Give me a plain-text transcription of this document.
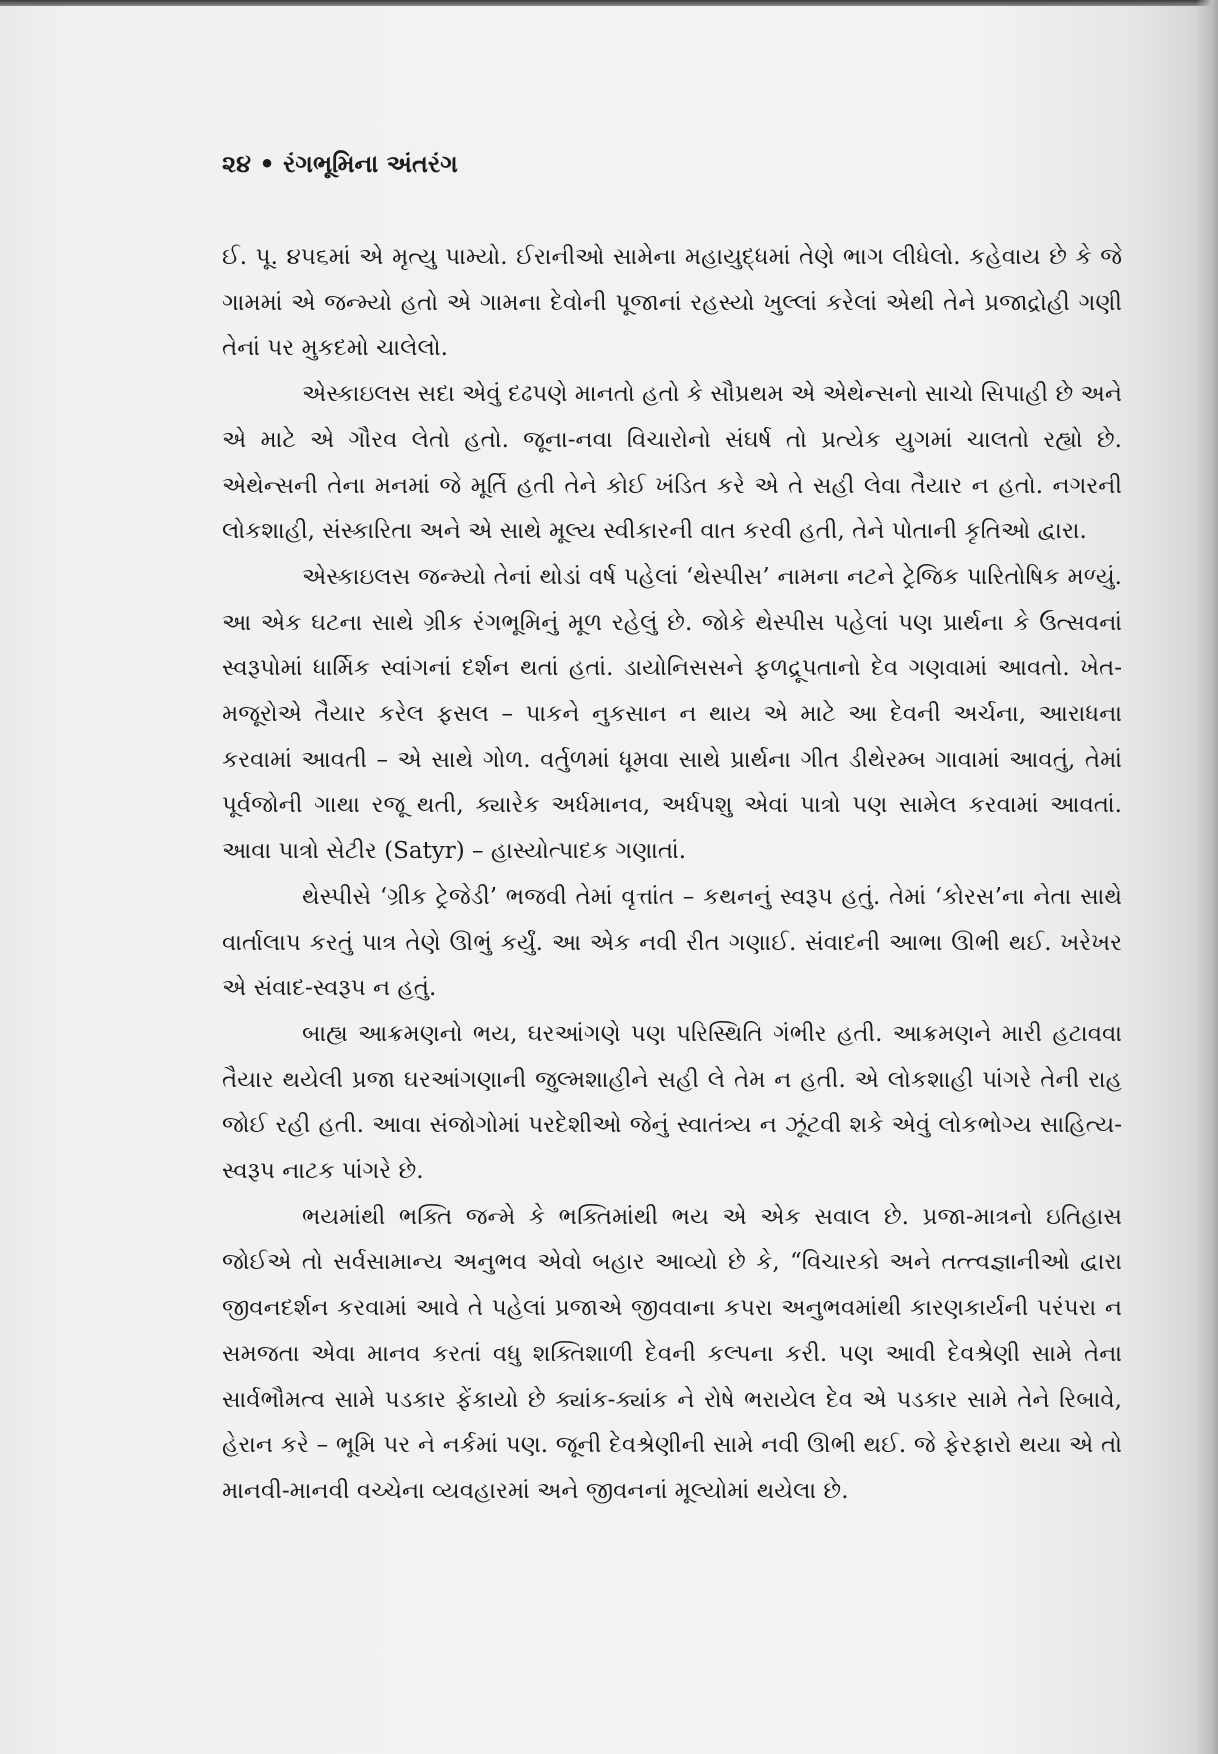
૨૪ • રંગભૂમિના અંતરંગ

ઈ. પૂ. ૪૫૬માં એ મૃત્યુ પામ્યો. ઈરાનીઓ સામેના મહાયુદ્ધમાં તેણે ભાગ લીધેલો. કહેવાય છે કે જે ગામમાં એ જન્મ્યો હતો એ ગામના દેવોની પૂજાનાં રહસ્યો ખુલ્લાં કરેલાં એથી તેને પ્રજાદ્રોહી ગણી તેનાં પર મુકદમો ચાલેલો.

એસ્કાઇલસ સદા એવું દઢપણે માનતો હતો કે સૌપ્રથમ એ એથેન્સનો સાચો સિપાહી છે અને એ માટે એ ગૌરવ લેતો હતો. જૂના-નવા વિચારોનો સંઘર્ષ તો પ્રત્યેક યુગમાં ચાલતો રહ્યો છે. એથેન્સની તેના મનમાં જે મૂર્તિ હતી તેને કોઈ ખંડિત કરે એ તે સહી લેવા તૈયાર ન હતો. નગરની લોકશાહી, સંસ્કારિતા અને એ સાથે મૂલ્ય સ્વીકારની વાત કરવી હતી, તેને પોતાની કૃતિઓ દ્વારા.

એસ્કાઇલસ જન્મ્યો તેનાં થોડાં વર્ષ પહેલાં ‘થેસ્પીસ’ નામના નટને ટ્રેજિક પારિતોષિક મળ્યું. આ એક ઘટના સાથે ગ્રીક રંગભૂમિનું મૂળ રહેલું છે. જોકે થેસ્પીસ પહેલાં પણ પ્રાર્થના કે ઉત્સવનાં સ્વરૂપોમાં ધાર્મિક સ્વાંગનાં દર્શન થતાં હતાં. ડાયોનિસસને ફળદ્રૂપતાનો દેવ ગણવામાં આવતો. ખેત-મજૂરોએ તૈયાર કરેલ ફસલ – પાકને નુકસાન ન થાય એ માટે આ દેવની અર્ચના, આરાધના કરવામાં આવતી – એ સાથે ગોળ. વર્તુળમાં ધૂમવા સાથે પ્રાર્થના ગીત ડીથેરમ્બ ગાવામાં આવતું, તેમાં પૂર્વજોની ગાથા રજૂ થતી, ક્યારેક અર્ધમાનવ, અર્ધપશુ એવાં પાત્રો પણ સામેલ કરવામાં આવતાં. આવા પાત્રો સેટીર (Satyr) – હાસ્યોત્પાદક ગણાતાં.

થેસ્પીસે ‘ગ્રીક ટ્રેજેડી’ ભજવી તેમાં વૃત્તાંત – કથનનું સ્વરૂપ હતું. તેમાં ‘કોરસ’ના નેતા સાથે વાર્તાલાપ કરતું પાત્ર તેણે ઊભું કર્યું. આ એક નવી રીત ગણાઈ. સંવાદની આભા ઊભી થઈ. ખરેખર એ સંવાદ-સ્વરૂપ ન હતું.

બાહ્ય આક્રમણનો ભય, ઘરઆંગણે પણ પરિસ્થિતિ ગંભીર હતી. આક્રમણને મારી હટાવવા તૈયાર થયેલી પ્રજા ઘરઆંગણાની જુલ્મશાહીને સહી લે તેમ ન હતી. એ લોકશાહી પાંગરે તેની રાહ જોઈ રહી હતી. આવા સંજોગોમાં પરદેશીઓ જેનું સ્વાતંત્ર્ય ન ઝૂંટવી શકે એવું લોકભોગ્ય સાહિત્ય- સ્વરૂપ નાટક પાંગરે છે.

ભયમાંથી ભક્તિ જન્મે કે ભક્તિમાંથી ભય એ એક સવાલ છે. પ્રજા-માત્રનો ઇતિહાસ જોઈએ તો સર્વસામાન્ય અનુભવ એવો બહાર આવ્યો છે કે, “વિચારકો અને તત્ત્વજ્ઞાનીઓ દ્વારા જીવનદર્શન કરવામાં આવે તે પહેલાં પ્રજાએ જીવવાના કપરા અનુભવમાંથી કારણકાર્યની પરંપરા ન સમજતા એવા માનવ કરતાં વધુ શક્તિશાળી દેવની કલ્પના કરી. પણ આવી દેવશ્રેણી સામે તેના સાર્વભૌમત્વ સામે પડકાર ફેંકાયો છે ક્યાંક-ક્યાંક ને રોષે ભરાયેલ દેવ એ પડકાર સામે તેને રિબાવે, હેરાન કરે – ભૂમિ પર ને નર્કમાં પણ. જૂની દેવશ્રેણીની સામે નવી ઊભી થઈ. જે ફેરફારો થયા એ તો માનવી-માનવી વચ્ચેના વ્યવહારમાં અને જીવનનાં મૂલ્યોમાં થયેલા છે.
